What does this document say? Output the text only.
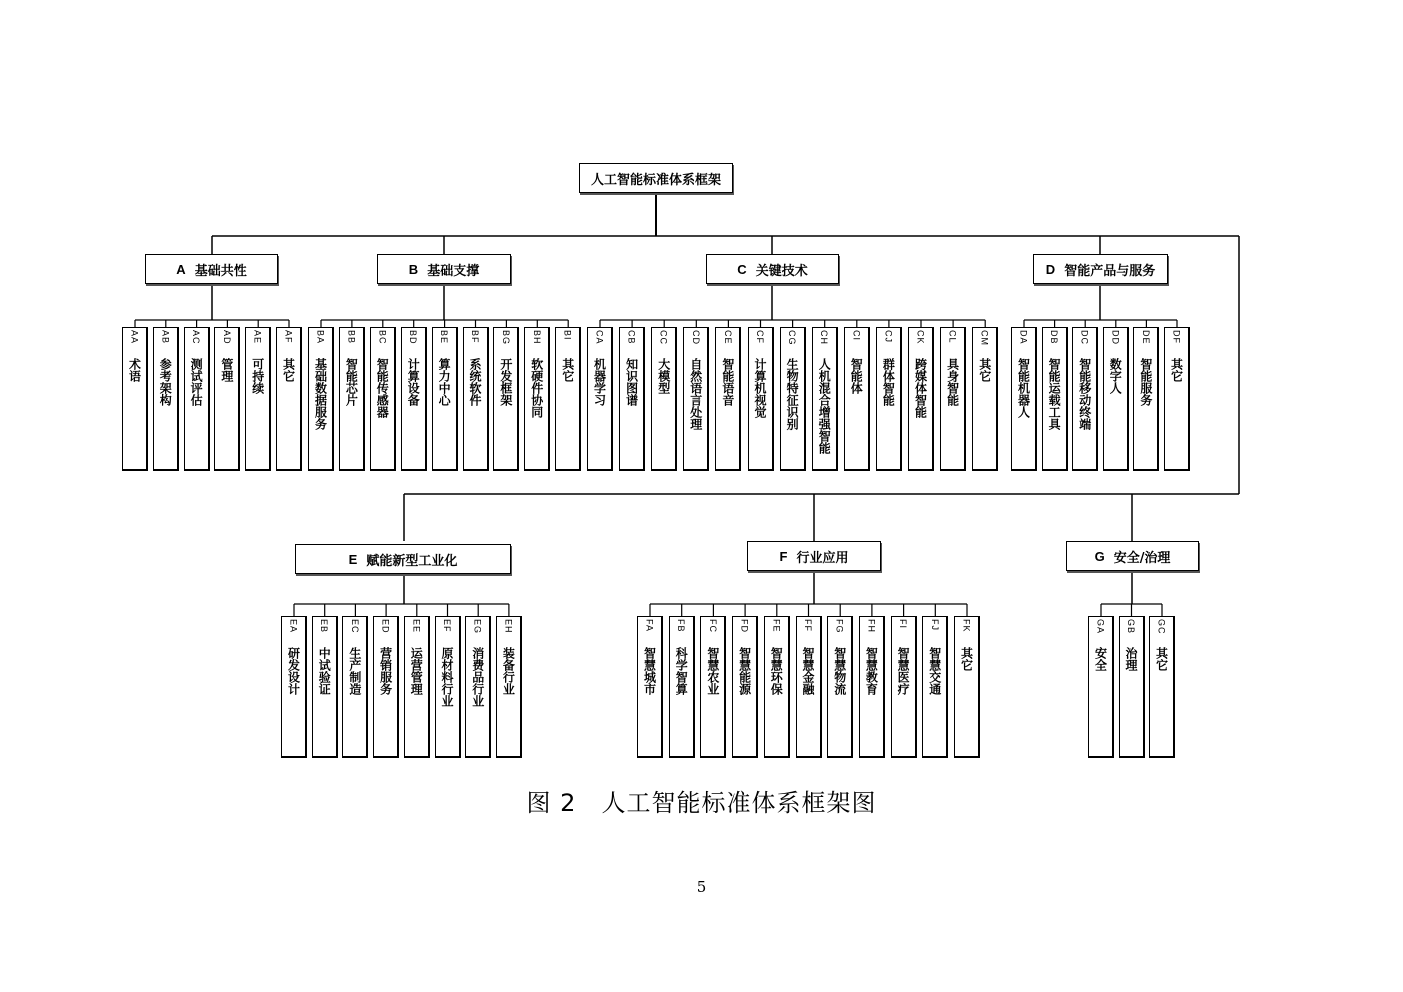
人工智能标准体系框架
A 基础共性	B 基础支撑	C 关键技术	D 智能产品与服务
E 赋能新型工业化	F 行业应用	G 安全/治理
AA
术语
AB
参考架构
AC
测试评估
AD
管理
AE
可持续
AF
其它
BA
基础数据服务
BB
智能芯片
BC
智能传感器
BD
计算设备
BE
算力中心
BF
系统软件
BG
开发框架
BH
软硬件协同
BI
其它
CA
机器学习
CB
知识图谱
CC
大模型
CD
自然语言处理
CE
智能语音
CF
计算机视觉
CG
生物特征识别
CH
人机混合增强智能
CI
智能体
CJ
群体智能
CK
跨媒体智能
CL
具身智能
CM
其它
DA
智能机器人
DB
智能运载工具
DC
智能移动终端
DD
数字人
DE
智能服务
DF
其它
EA
研发设计
EB
中试验证
EC
生产制造
ED
营销服务
EE
运营管理
EF
原材料行业
EG
消费品行业
EH
装备行业
FA
智慧城市
FB
科学智算
FC
智慧农业
FD
智慧能源
FE
智慧环保
FF
智慧金融
FG
智慧物流
FH
智慧教育
FI
智慧医疗
FJ
智慧交通
FK
其它
GA
安全
GB
治理
GC
其它
图 2　人工智能标准体系框架图
5
